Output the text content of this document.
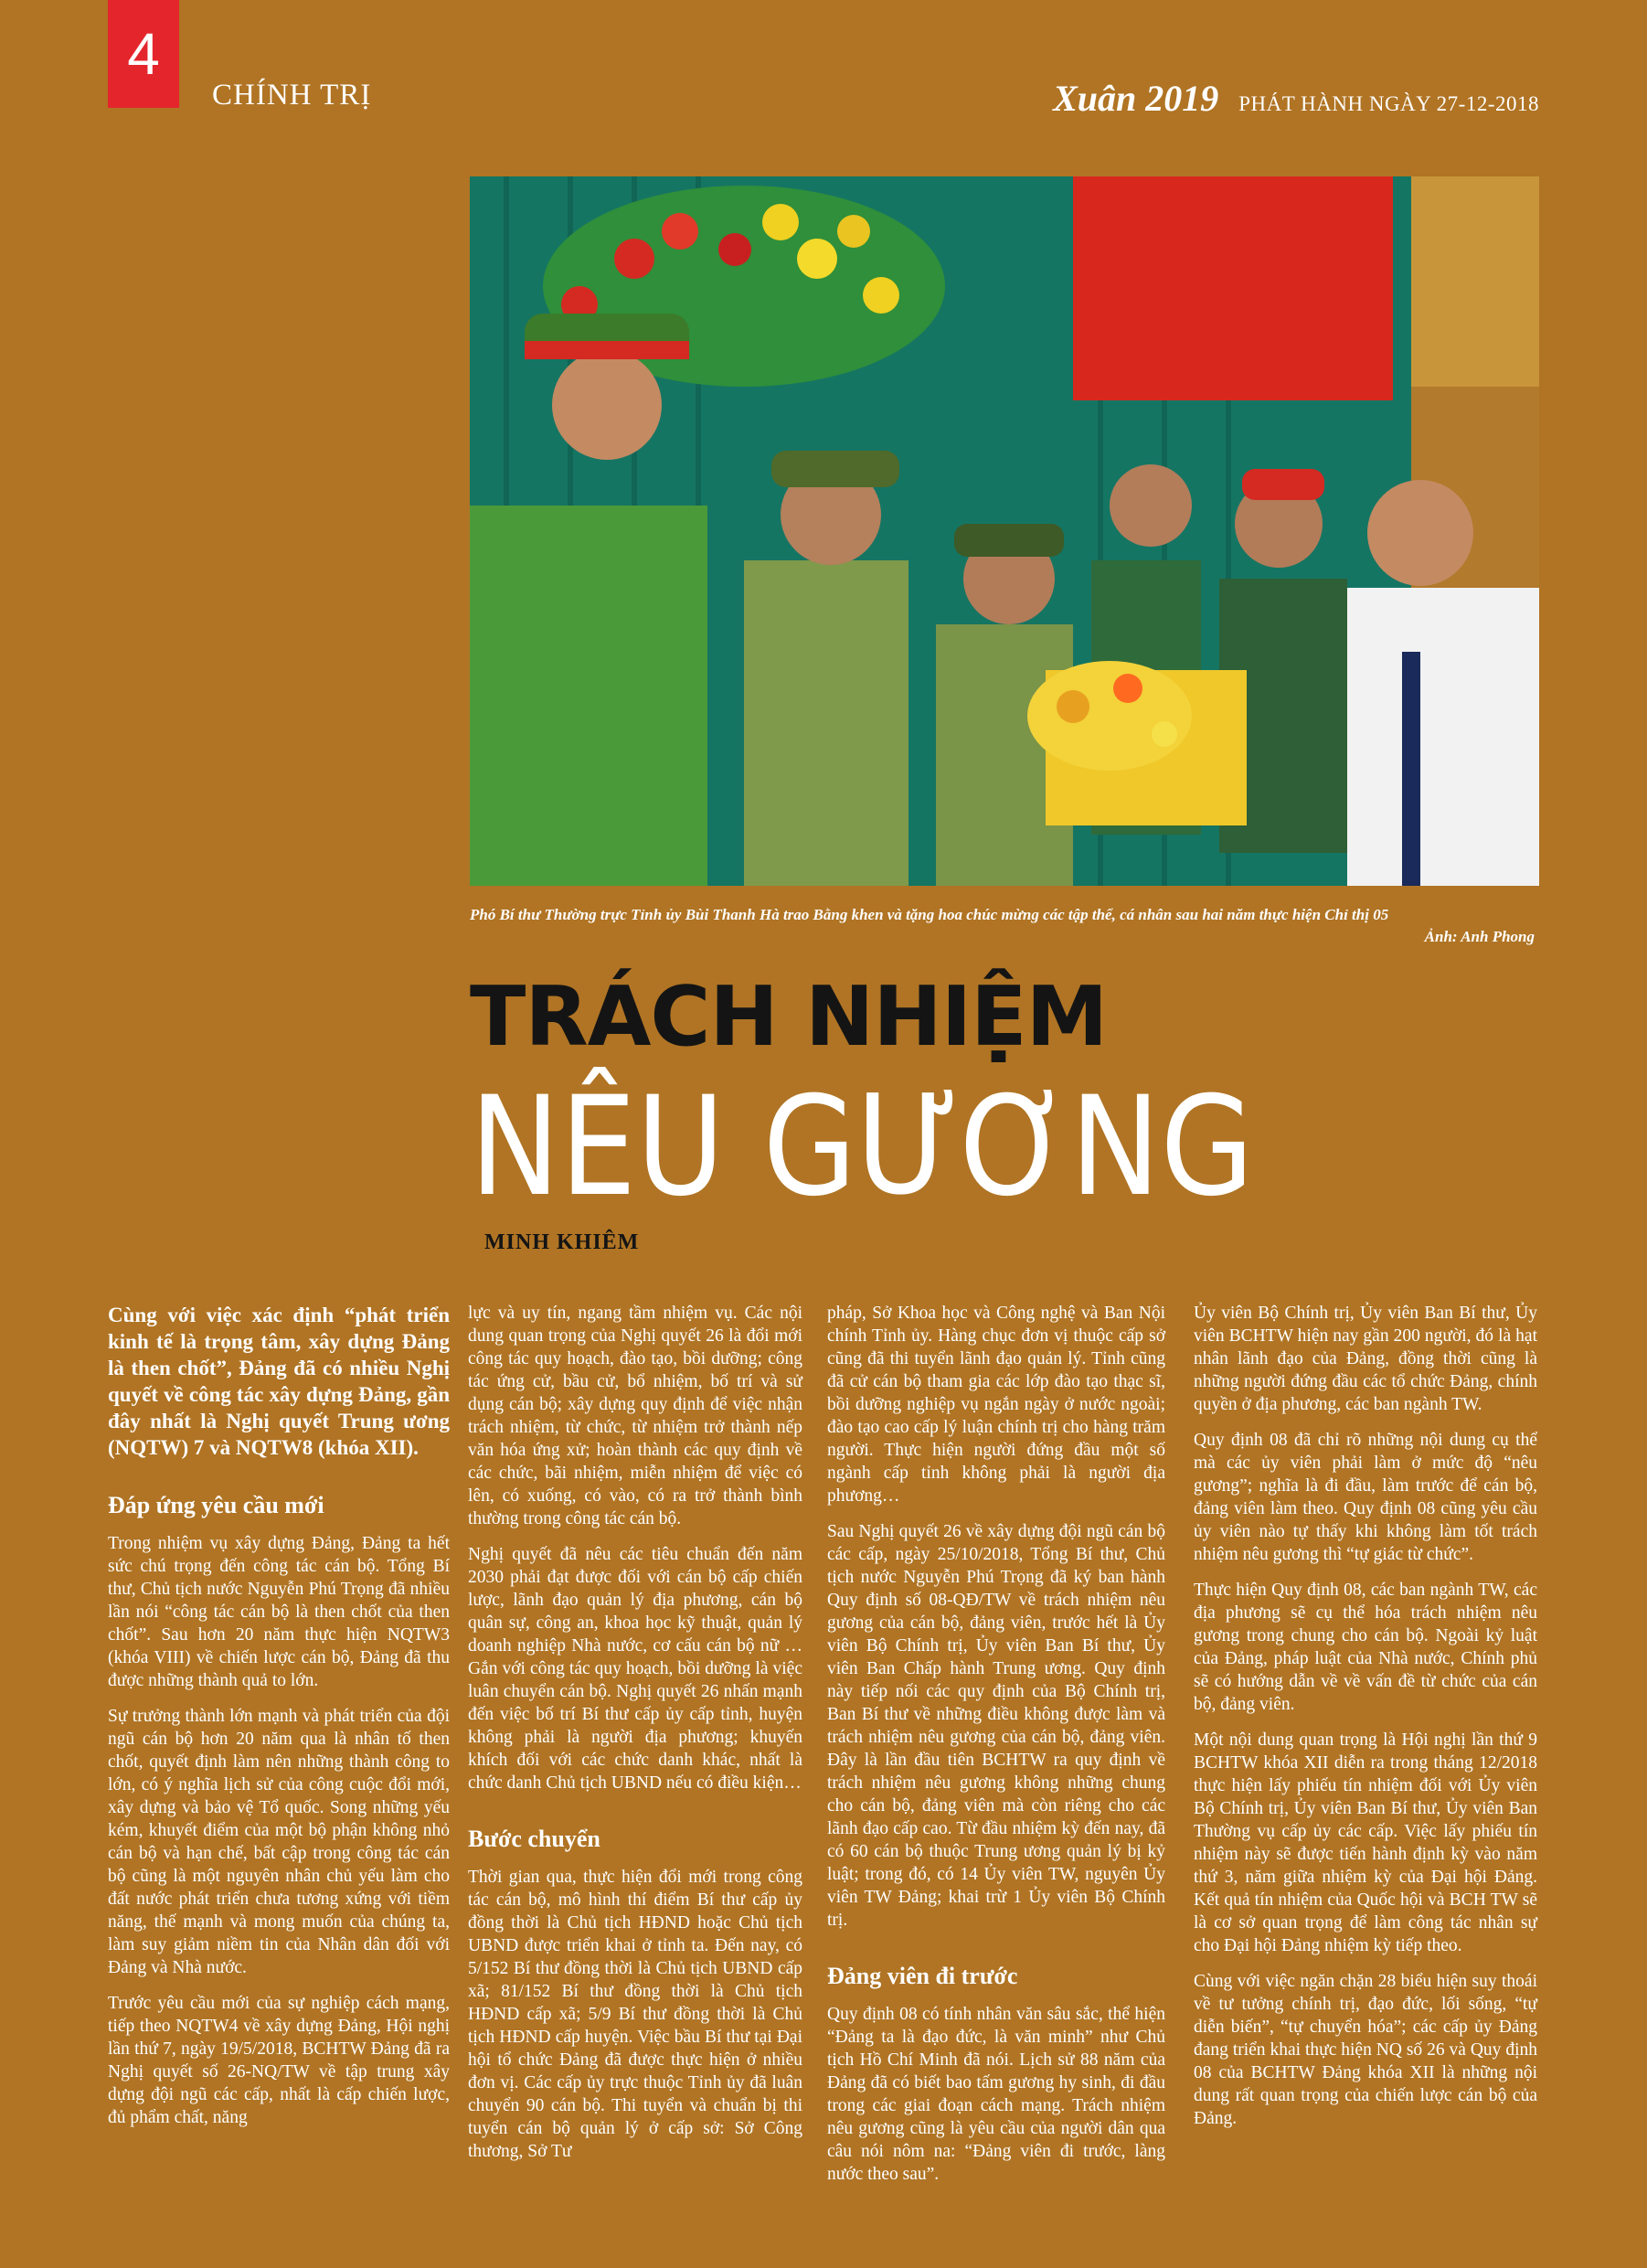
4
CHÍNH TRỊ	Xuân 2019 PHÁT HÀNH NGÀY 27-12-2018
Phó Bí thư Thường trực Tỉnh ủy Bùi Thanh Hà trao Bằng khen và tặng hoa chúc mừng các tập thể, cá nhân sau hai năm thực hiện Chỉ thị 05
Ảnh: Anh Phong
TRÁCH NHIỆM
NÊU GƯƠNG
MINH KHIÊM

Cùng với việc xác định “phát triển kinh tế là trọng tâm, xây dựng Đảng là then chốt”, Đảng đã có nhiều Nghị quyết về công tác xây dựng Đảng, gần đây nhất là Nghị quyết Trung ương (NQTW) 7 và NQTW8 (khóa XII).

Đáp ứng yêu cầu mới

Trong nhiệm vụ xây dựng Đảng, Đảng ta hết sức chú trọng đến công tác cán bộ. Tổng Bí thư, Chủ tịch nước Nguyễn Phú Trọng đã nhiều lần nói “công tác cán bộ là then chốt của then chốt”. Sau hơn 20 năm thực hiện NQTW3 (khóa VIII) về chiến lược cán bộ, Đảng đã thu được những thành quả to lớn.

Sự trưởng thành lớn mạnh và phát triển của đội ngũ cán bộ hơn 20 năm qua là nhân tố then chốt, quyết định làm nên những thành công to lớn, có ý nghĩa lịch sử của công cuộc đổi mới, xây dựng và bảo vệ Tổ quốc. Song những yếu kém, khuyết điểm của một bộ phận không nhỏ cán bộ và hạn chế, bất cập trong công tác cán bộ cũng là một nguyên nhân chủ yếu làm cho đất nước phát triển chưa tương xứng với tiềm năng, thế mạnh và mong muốn của chúng ta, làm suy giảm niềm tin của Nhân dân đối với Đảng và Nhà nước.

Trước yêu cầu mới của sự nghiệp cách mạng, tiếp theo NQTW4 về xây dựng Đảng, Hội nghị lần thứ 7, ngày 19/5/2018, BCHTW Đảng đã ra Nghị quyết số 26-NQ/TW về tập trung xây dựng đội ngũ các cấp, nhất là cấp chiến lược, đủ phẩm chất, năng

lực và uy tín, ngang tầm nhiệm vụ. Các nội dung quan trọng của Nghị quyết 26 là đổi mới công tác quy hoạch, đào tạo, bồi dưỡng; công tác ứng cử, bầu cử, bổ nhiệm, bố trí và sử dụng cán bộ; xây dựng quy định để việc nhận trách nhiệm, từ chức, từ nhiệm trở thành nếp văn hóa ứng xử; hoàn thành các quy định về các chức, bãi nhiệm, miễn nhiệm để việc có lên, có xuống, có vào, có ra trở thành bình thường trong công tác cán bộ.

Nghị quyết đã nêu các tiêu chuẩn đến năm 2030 phải đạt được đối với cán bộ cấp chiến lược, lãnh đạo quản lý địa phương, cán bộ quân sự, công an, khoa học kỹ thuật, quản lý doanh nghiệp Nhà nước, cơ cấu cán bộ nữ … Gắn với công tác quy hoạch, bồi dưỡng là việc luân chuyển cán bộ. Nghị quyết 26 nhấn mạnh đến việc bố trí Bí thư cấp ủy cấp tỉnh, huyện không phải là người địa phương; khuyến khích đối với các chức danh khác, nhất là chức danh Chủ tịch UBND nếu có điều kiện…

Bước chuyển

Thời gian qua, thực hiện đổi mới trong công tác cán bộ, mô hình thí điểm Bí thư cấp ủy đồng thời là Chủ tịch HĐND hoặc Chủ tịch UBND được triển khai ở tỉnh ta. Đến nay, có 5/152 Bí thư đồng thời là Chủ tịch UBND cấp xã; 81/152 Bí thư đồng thời là Chủ tịch HĐND cấp xã; 5/9 Bí thư đồng thời là Chủ tịch HĐND cấp huyện. Việc bầu Bí thư tại Đại hội tổ chức Đảng đã được thực hiện ở nhiều đơn vị. Các cấp ủy trực thuộc Tỉnh ủy đã luân chuyển 90 cán bộ. Thi tuyển và chuẩn bị thi tuyển cán bộ quản lý ở cấp sở: Sở Công thương, Sở Tư

pháp, Sở Khoa học và Công nghệ và Ban Nội chính Tỉnh ủy. Hàng chục đơn vị thuộc cấp sở cũng đã thi tuyển lãnh đạo quản lý. Tỉnh cũng đã cử cán bộ tham gia các lớp đào tạo thạc sĩ, bồi dưỡng nghiệp vụ ngắn ngày ở nước ngoài; đào tạo cao cấp lý luận chính trị cho hàng trăm người. Thực hiện người đứng đầu một số ngành cấp tỉnh không phải là người địa phương…

Sau Nghị quyết 26 về xây dựng đội ngũ cán bộ các cấp, ngày 25/10/2018, Tổng Bí thư, Chủ tịch nước Nguyễn Phú Trọng đã ký ban hành Quy định số 08-QĐ/TW về trách nhiệm nêu gương của cán bộ, đảng viên, trước hết là Ủy viên Bộ Chính trị, Ủy viên Ban Bí thư, Ủy viên Ban Chấp hành Trung ương. Quy định này tiếp nối các quy định của Bộ Chính trị, Ban Bí thư về những điều không được làm và trách nhiệm nêu gương của cán bộ, đảng viên. Đây là lần đầu tiên BCHTW ra quy định về trách nhiệm nêu gương không những chung cho cán bộ, đảng viên mà còn riêng cho các lãnh đạo cấp cao. Từ đầu nhiệm kỳ đến nay, đã có 60 cán bộ thuộc Trung ương quản lý bị kỷ luật; trong đó, có 14 Ủy viên TW, nguyên Ủy viên TW Đảng; khai trừ 1 Ủy viên Bộ Chính trị.

Đảng viên đi trước

Quy định 08 có tính nhân văn sâu sắc, thể hiện “Đảng ta là đạo đức, là văn minh” như Chủ tịch Hồ Chí Minh đã nói. Lịch sử 88 năm của Đảng đã có biết bao tấm gương hy sinh, đi đầu trong các giai đoạn cách mạng. Trách nhiệm nêu gương cũng là yêu cầu của người dân qua câu nói nôm na: “Đảng viên đi trước, làng nước theo sau”.

Ủy viên Bộ Chính trị, Ủy viên Ban Bí thư, Ủy viên BCHTW hiện nay gần 200 người, đó là hạt nhân lãnh đạo của Đảng, đồng thời cũng là những người đứng đầu các tổ chức Đảng, chính quyền ở địa phương, các ban ngành TW.

Quy định 08 đã chỉ rõ những nội dung cụ thể mà các ủy viên phải làm ở mức độ “nêu gương”; nghĩa là đi đầu, làm trước để cán bộ, đảng viên làm theo. Quy định 08 cũng yêu cầu ủy viên nào tự thấy khi không làm tốt trách nhiệm nêu gương thì “tự giác từ chức”.

Thực hiện Quy định 08, các ban ngành TW, các địa phương sẽ cụ thể hóa trách nhiệm nêu gương trong chung cho cán bộ. Ngoài kỷ luật của Đảng, pháp luật của Nhà nước, Chính phủ sẽ có hướng dẫn về về vấn đề từ chức của cán bộ, đảng viên.

Một nội dung quan trọng là Hội nghị lần thứ 9 BCHTW khóa XII diễn ra trong tháng 12/2018 thực hiện lấy phiếu tín nhiệm đối với Ủy viên Bộ Chính trị, Ủy viên Ban Bí thư, Ủy viên Ban Thường vụ cấp ủy các cấp. Việc lấy phiếu tín nhiệm này sẽ được tiến hành định kỳ vào năm thứ 3, năm giữa nhiệm kỳ của Đại hội Đảng. Kết quả tín nhiệm của Quốc hội và BCH TW sẽ là cơ sở quan trọng để làm công tác nhân sự cho Đại hội Đảng nhiệm kỳ tiếp theo.

Cùng với việc ngăn chặn 28 biểu hiện suy thoái về tư tưởng chính trị, đạo đức, lối sống, “tự diễn biến”, “tự chuyển hóa”; các cấp ủy Đảng đang triển khai thực hiện NQ số 26 và Quy định 08 của BCHTW Đảng khóa XII là những nội dung rất quan trọng của chiến lược cán bộ của Đảng.
